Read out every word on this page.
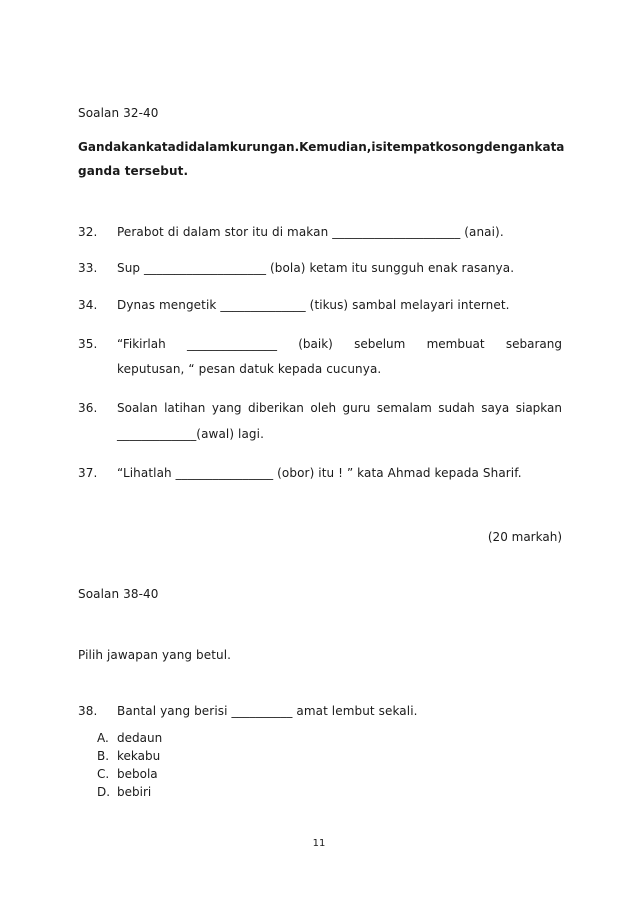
Soalan 32-40
Gandakan kata di dalam kurungan. Kemudian, isi tempat kosong dengan kata
ganda tersebut.
32. Perabot di dalam stor itu di makan _____________________ (anai).
33. Sup ____________________ (bola) ketam itu sungguh enak rasanya.
34. Dynas mengetik ______________ (tikus) sambal melayari internet.
35. “Fikirlah _______________ (baik) sebelum membuat sebarang
keputusan, “ pesan datuk kepada cucunya.
36. Soalan latihan yang diberikan oleh guru semalam sudah saya siapkan
_____________(awal) lagi.
37. “Lihatlah ________________ (obor) itu ! ” kata Ahmad kepada Sharif.
(20 markah)
Soalan 38-40
Pilih jawapan yang betul.
38. Bantal yang berisi __________ amat lembut sekali.
A. dedaun
B. kekabu
C. bebola
D. bebiri
11
